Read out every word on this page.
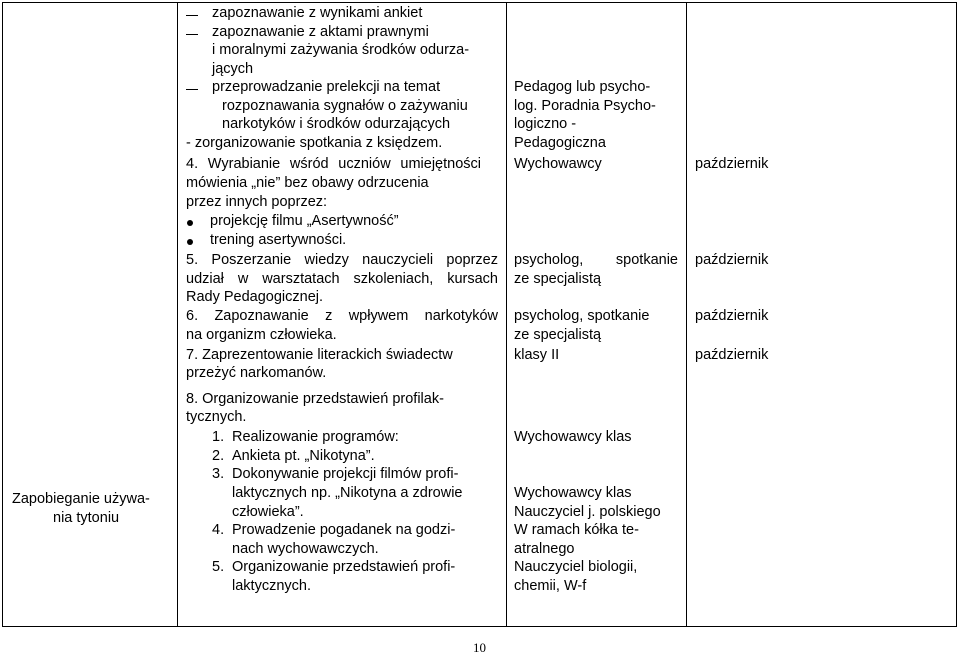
Zapobieganie używa-
nia tytoniu
zapoznawanie z wynikami ankiet
zapoznawanie z aktami prawnymi
i moralnymi zażywania środków odurza-
jących
przeprowadzanie prelekcji na temat
rozpoznawania sygnałów o zażywaniu
narkotyków i środków odurzających
- zorganizowanie spotkania z księdzem.
4. Wyrabianie wśród uczniów umiejętności
mówienia „nie” bez obawy odrzucenia
przez innych poprzez:
projekcję filmu „Asertywność”
trening asertywności.
5. Poszerzanie wiedzy nauczycieli poprzez
udział w warsztatach szkoleniach, kursach
Rady Pedagogicznej.
6. Zapoznawanie z wpływem narkotyków
na organizm człowieka.
7. Zaprezentowanie literackich świadectw
przeżyć narkomanów.
Pedagog lub psycho-
log. Poradnia Psycho-
logiczno -
Pedagogiczna
Wychowawcy
psycholog, spotkanie
ze specjalistą
psycholog, spotkanie
ze specjalistą
klasy II
październik
październik
październik
październik
8. Organizowanie przedstawień profilak-
tycznych.
1. Realizowanie programów:
2. Ankieta pt. „Nikotyna”.
3. Dokonywanie projekcji filmów profi-
laktycznych np. „Nikotyna a zdrowie
człowieka”.
4. Prowadzenie pogadanek na godzi-
nach wychowawczych.
5. Organizowanie przedstawień profi-
laktycznych.
Wychowawcy klas
Wychowawcy klas
Nauczyciel j. polskiego
W ramach kółka te-
atralnego
Nauczyciel biologii,
chemii, W-f
10
